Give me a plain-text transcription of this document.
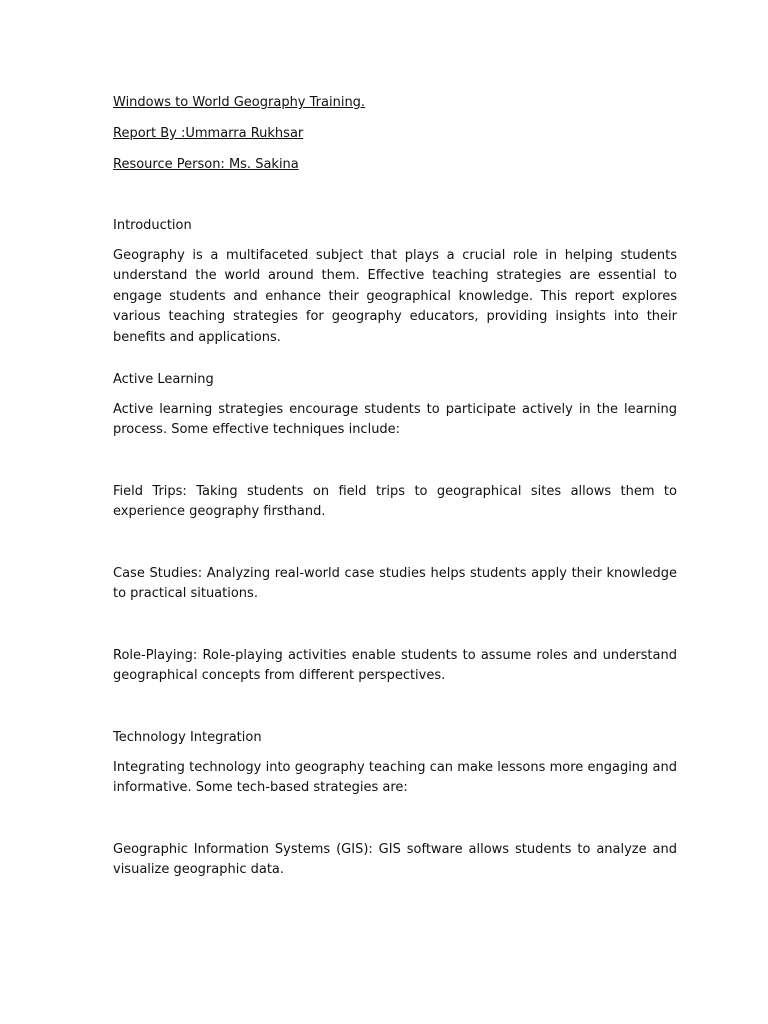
Windows to World Geography Training.

Report By :Ummarra Rukhsar

Resource Person: Ms. Sakina

Introduction

Geography is a multifaceted subject that plays a crucial role in helping students understand the world around them. Effective teaching strategies are essential to engage students and enhance their geographical knowledge. This report explores various teaching strategies for geography educators, providing insights into their benefits and applications.

Active Learning

Active learning strategies encourage students to participate actively in the learning process. Some effective techniques include:

Field Trips: Taking students on field trips to geographical sites allows them to experience geography firsthand.

Case Studies: Analyzing real-world case studies helps students apply their knowledge to practical situations.

Role-Playing: Role-playing activities enable students to assume roles and understand geographical concepts from different perspectives.

Technology Integration

Integrating technology into geography teaching can make lessons more engaging and informative. Some tech-based strategies are:

Geographic Information Systems (GIS): GIS software allows students to analyze and visualize geographic data.
